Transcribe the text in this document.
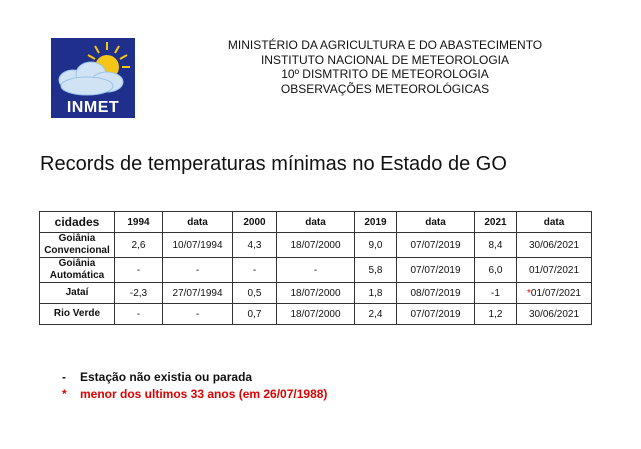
INMET
MINISTÉRIO DA AGRICULTURA E DO ABASTECIMENTO
INSTITUTO NACIONAL DE METEOROLOGIA
10º DISMTRITO DE METEOROLOGIA
OBSERVAÇÕES METEOROLÓGICAS
Records de temperaturas mínimas no Estado de GO
cidades	1994	data	2000	data	2019	data	2021	data
Goiânia
Convencional	2,6	10/07/1994	4,3	18/07/2000	9,0	07/07/2019	8,4	30/06/2021
Goiânia
Automática	-	-	-	-	5,8	07/07/2019	6,0	01/07/2021
Jataí	-2,3	27/07/1994	0,5	18/07/2000	1,8	08/07/2019	-1	*01/07/2021
Rio Verde	-	-	0,7	18/07/2000	2,4	07/07/2019	1,2	30/06/2021
- Estação não existia ou parada
* menor dos ultimos 33 anos (em 26/07/1988)
